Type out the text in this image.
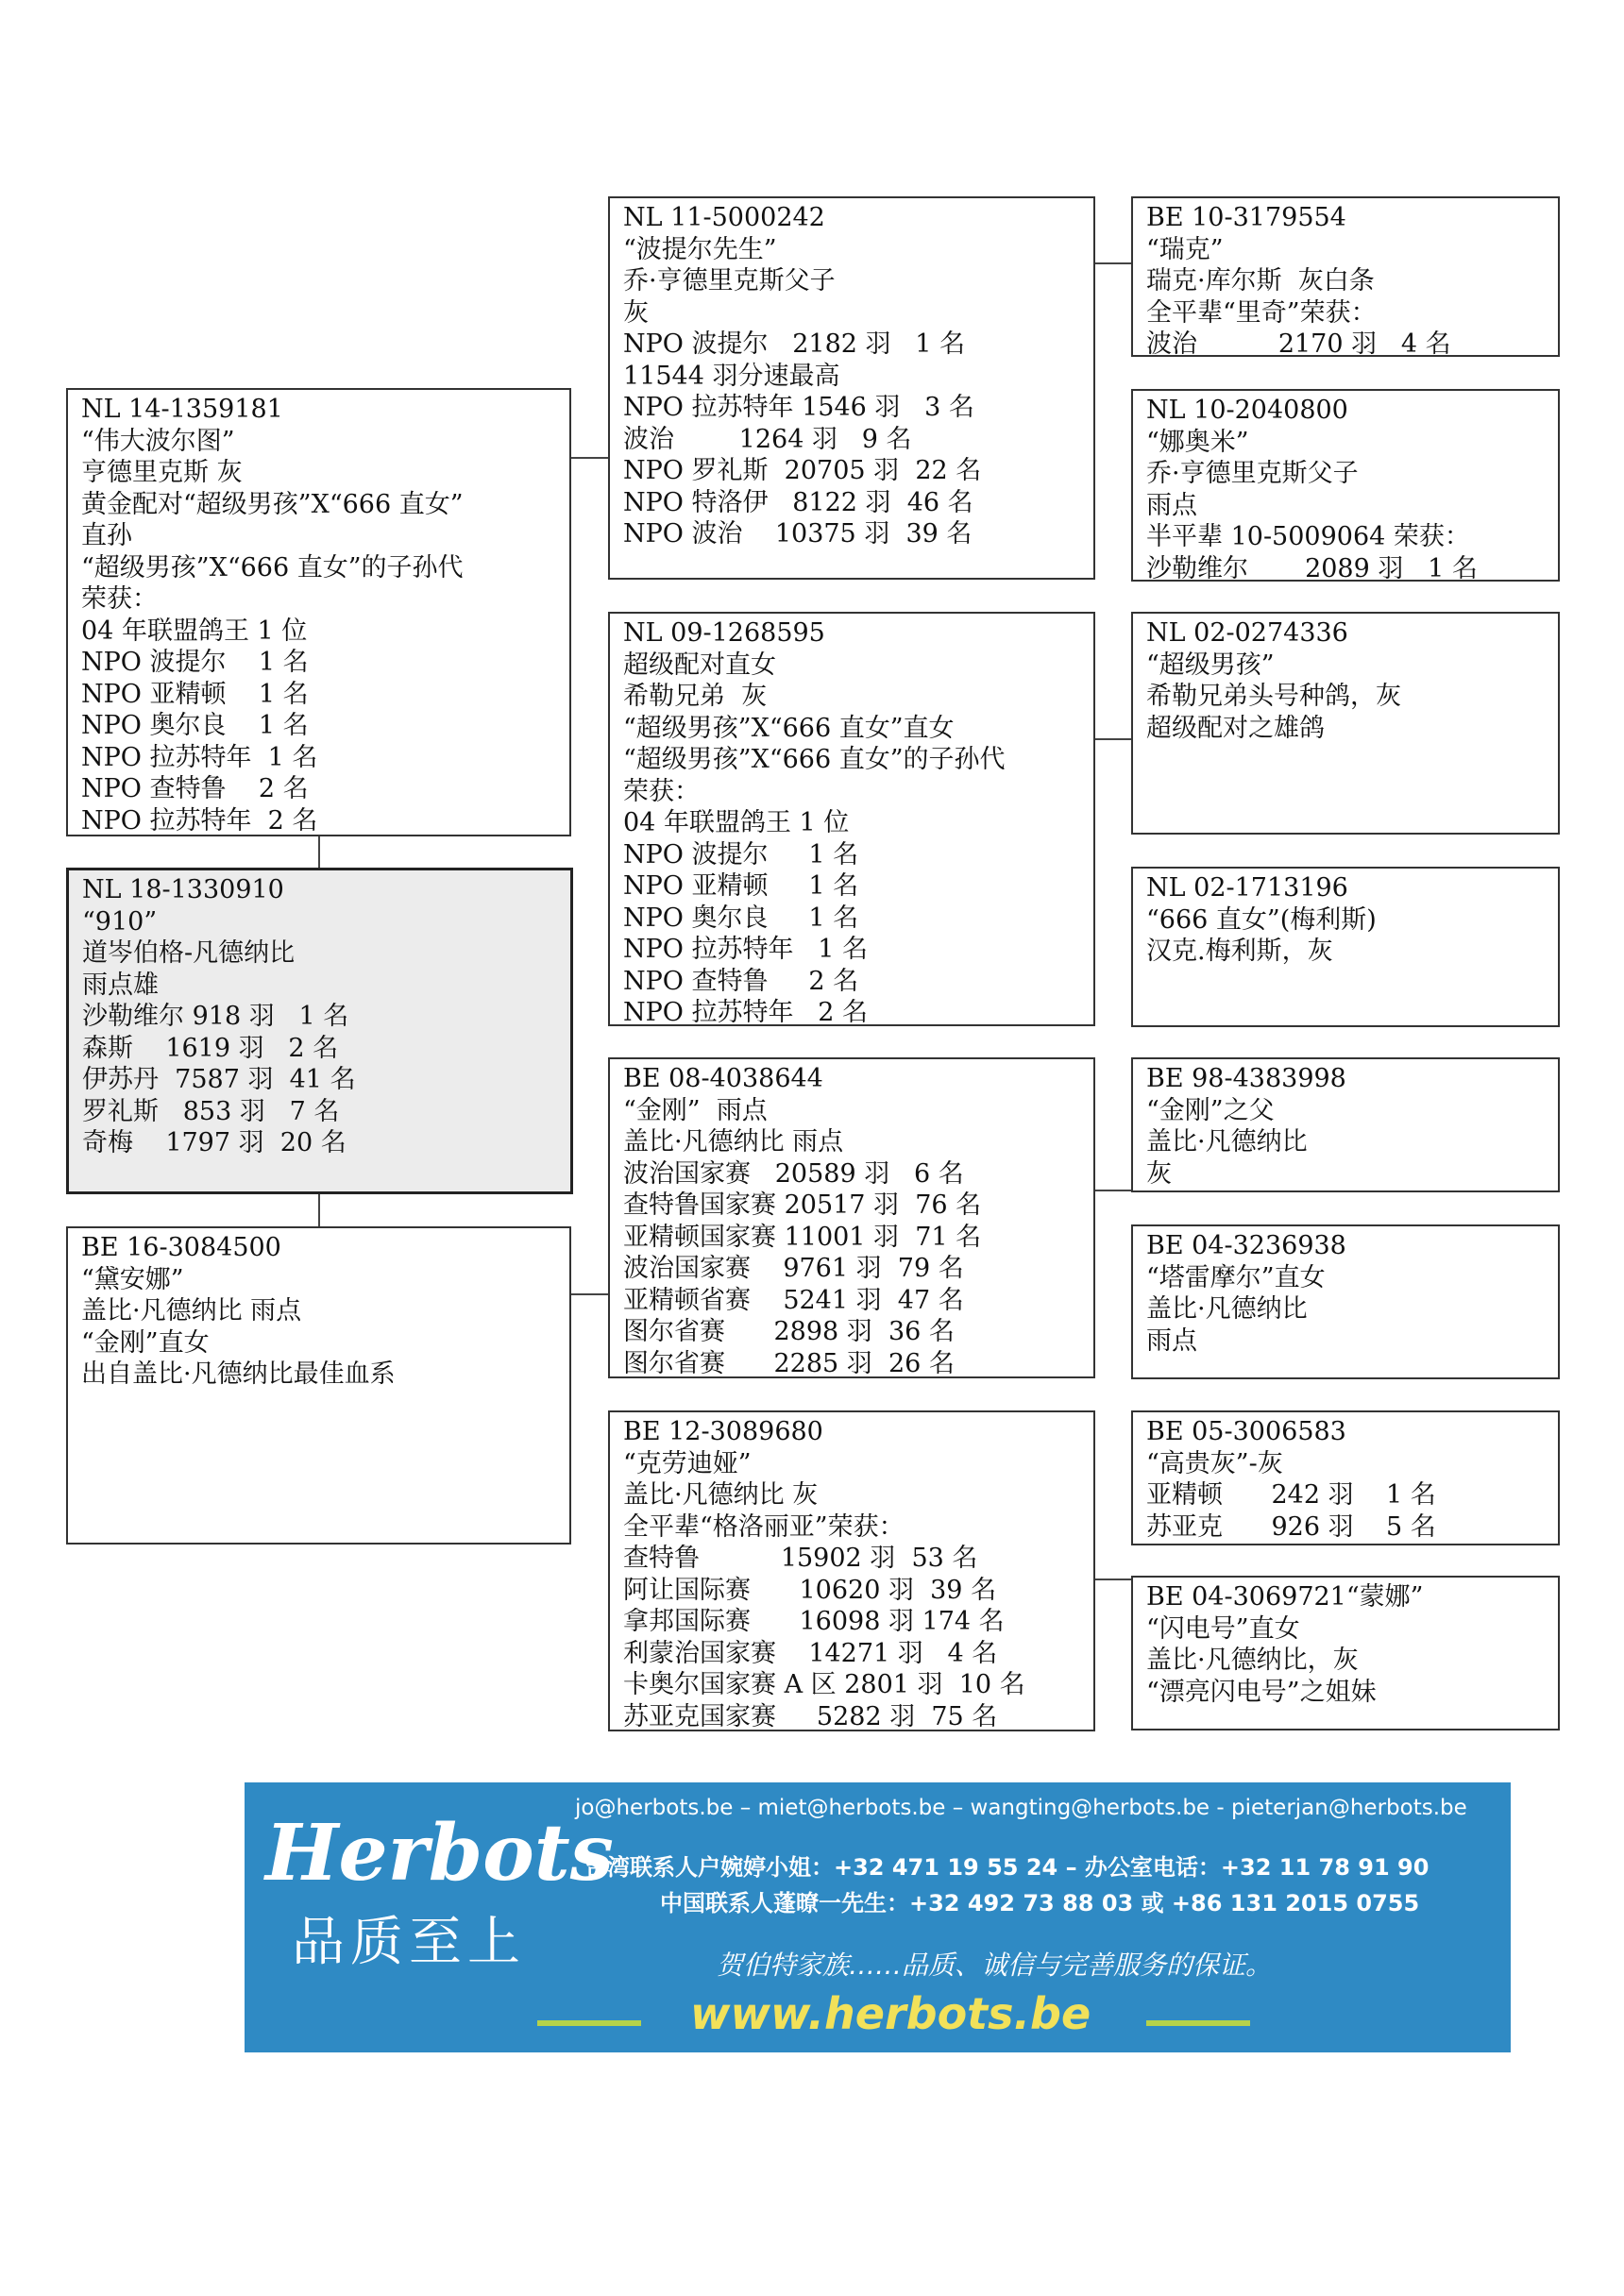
NL 18-1330910
“910”
道岑伯格-凡德纳比
雨点雄
沙勒维尔 918 羽   1 名
森斯    1619 羽   2 名
伊苏丹  7587 羽  41 名
罗礼斯   853 羽   7 名
奇梅    1797 羽  20 名
NL 14-1359181
“伟大波尔图”
亨德里克斯 灰
黄金配对“超级男孩”X“666 直女”
直孙
“超级男孩”X“666 直女”的子孙代
荣获：
04 年联盟鸽王 1 位
NPO 波提尔    1 名
NPO 亚精顿    1 名
NPO 奥尔良    1 名
NPO 拉苏特年  1 名
NPO 查特鲁    2 名
NPO 拉苏特年  2 名
BE 16-3084500
“黛安娜”
盖比·凡德纳比 雨点
“金刚”直女
出自盖比·凡德纳比最佳血系
NL 11-5000242
“波提尔先生”
乔·亨德里克斯父子
灰
NPO 波提尔   2182 羽   1 名
11544 羽分速最高
NPO 拉苏特年 1546 羽   3 名
波治        1264 羽   9 名
NPO 罗礼斯  20705 羽  22 名
NPO 特洛伊   8122 羽  46 名
NPO 波治    10375 羽  39 名
NL 09-1268595
超级配对直女
希勒兄弟  灰
“超级男孩”X“666 直女”直女
“超级男孩”X“666 直女”的子孙代
荣获：
04 年联盟鸽王 1 位
NPO 波提尔     1 名
NPO 亚精顿     1 名
NPO 奥尔良     1 名
NPO 拉苏特年   1 名
NPO 查特鲁     2 名
NPO 拉苏特年   2 名
BE 08-4038644
“金刚”  雨点
盖比·凡德纳比 雨点
波治国家赛   20589 羽   6 名
查特鲁国家赛 20517 羽  76 名
亚精顿国家赛 11001 羽  71 名
波治国家赛    9761 羽  79 名
亚精顿省赛    5241 羽  47 名
图尔省赛      2898 羽  36 名
图尔省赛      2285 羽  26 名
BE 12-3089680
“克劳迪娅”
盖比·凡德纳比 灰
全平辈“格洛丽亚”荣获：
查特鲁          15902 羽  53 名
阿让国际赛      10620 羽  39 名
拿邦国际赛      16098 羽 174 名
利蒙治国家赛    14271 羽   4 名
卡奥尔国家赛 A 区 2801 羽  10 名
苏亚克国家赛     5282 羽  75 名
BE 10-3179554
“瑞克”
瑞克·库尔斯  灰白条
全平辈“里奇”荣获：
波治          2170 羽   4 名
NL 10-2040800
“娜奥米”
乔·亨德里克斯父子
雨点
半平辈 10-5009064 荣获：
沙勒维尔       2089 羽   1 名
NL 02-0274336
“超级男孩”
希勒兄弟头号种鸽，灰
超级配对之雄鸽
NL 02-1713196
“666 直女”(梅利斯)
汉克.梅利斯，灰
BE 98-4383998
“金刚”之父
盖比·凡德纳比
灰
BE 04-3236938
“塔雷摩尔”直女
盖比·凡德纳比
雨点
BE 05-3006583
“高贵灰”-灰
亚精顿      242 羽    1 名
苏亚克      926 羽    5 名
BE 04-3069721“蒙娜”
“闪电号”直女
盖比·凡德纳比，灰
“漂亮闪电号”之姐妹
Herbots
品质至上
jo@herbots.be – miet@herbots.be – wangting@herbots.be - pieterjan@herbots.be
台湾联系人户婉婷小姐：+32 471 19 55 24 – 办公室电话：+32 11 78 91 90
中国联系人蓬暸一先生：+32 492 73 88 03 或 +86 131 2015 0755
贺伯特家族……品质、诚信与完善服务的保证。
www.herbots.be
